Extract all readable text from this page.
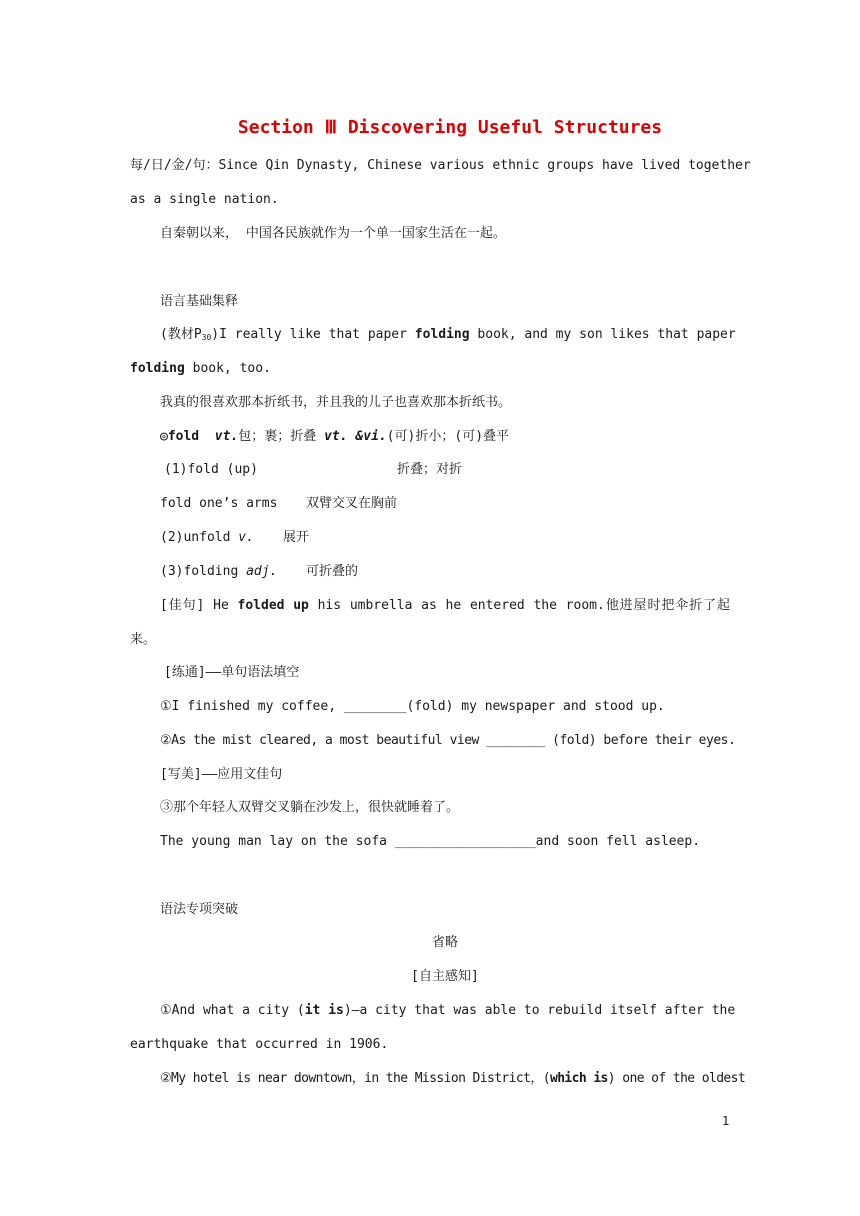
Section Ⅲ Discovering Useful Structures
每/日/金/句：Since Qin Dynasty, Chinese various ethnic groups have lived together
as a single nation.
自秦朝以来， 中国各民族就作为一个单一国家生活在一起。
语言基础集释
(教材$P_{30})I$ really like that paper folding book, and my son likes that paper
folding book, too.
我真的很喜欢那本折纸书，并且我的儿子也喜欢那本折纸书。
◎fold vt.包；裹；折叠 vt. &vi.(可)折小；(可)叠平
(1)fold (up)	折叠；对折
fold one’s arms 双臂交叉在胸前
(2)unfold v. 展开
(3)folding adj. 可折叠的
[佳句] He folded up his umbrella as he entered the room.他进屋时把伞折了起
来。
[练通]——单句语法填空
①I finished my coffee, ________(fold) my newspaper and stood up.
②As the mist cleared, a most beautiful view ________ (fold) before their eyes.
[写美]——应用文佳句
③那个年轻人双臂交叉躺在沙发上，很快就睡着了。
The young man lay on the sofa __________________and soon fell asleep.
语法专项突破
省略
[自主感知]
①And what a city (it is)—a city that was able to rebuild itself after the
earthquake that occurred in 1906.
②My hotel is near downtown，in the Mission District，(which is) one of the oldest
1
